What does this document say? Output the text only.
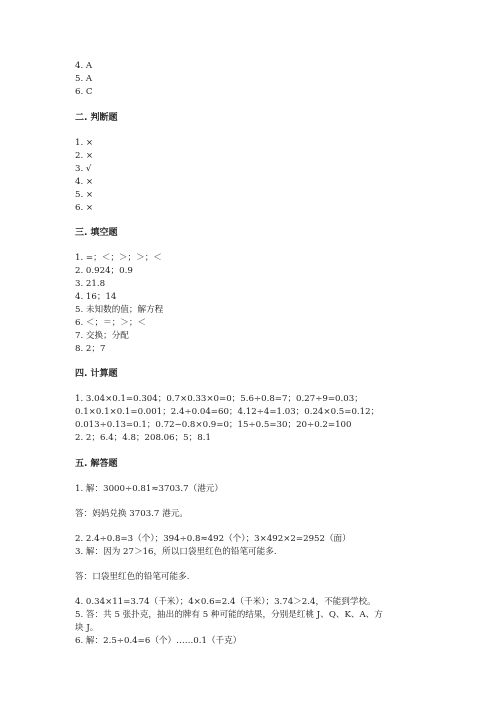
4. A
5. A
6. C
二. 判断题
1. ×
2. ×
3. √
4. ×
5. ×
6. ×
三. 填空题
1. =；＜；＞；＞；＜
2. 0.924；0.9
3. 21.8
4. 16；14
5. 未知数的值；解方程
6. ＜；＝；＞；＜
7. 交换；分配
8. 2；7
四. 计算题
1. 3.04×0.1=0.304；0.7×0.33×0=0；5.6÷0.8=7；0.27÷9=0.03；
0.1×0.1×0.1=0.001；2.4÷0.04=60；4.12÷4=1.03；0.24×0.5=0.12；
0.013÷0.13=0.1；0.72−0.8×0.9=0；15÷0.5=30；20÷0.2=100
2. 2；6.4；4.8；208.06；5；8.1
五. 解答题
1. 解：3000÷0.81≈3703.7（港元）
答：妈妈兑换 3703.7 港元。
2. 2.4÷0.8=3（个）；394÷0.8≈492（个）；3×492×2=2952（面）
3. 解：因为 27＞16，所以口袋里红色的铅笔可能多.
答：口袋里红色的铅笔可能多.
4. 0.34×11=3.74（千米）；4×0.6=2.4（千米）；3.74＞2.4，不能到学校。
5. 答：共 5 张扑克，抽出的牌有 5 种可能的结果，分别是红桃 J、Q、K、A、方
块 J。
6. 解：2.5÷0.4=6（个）……0.1（千克）
